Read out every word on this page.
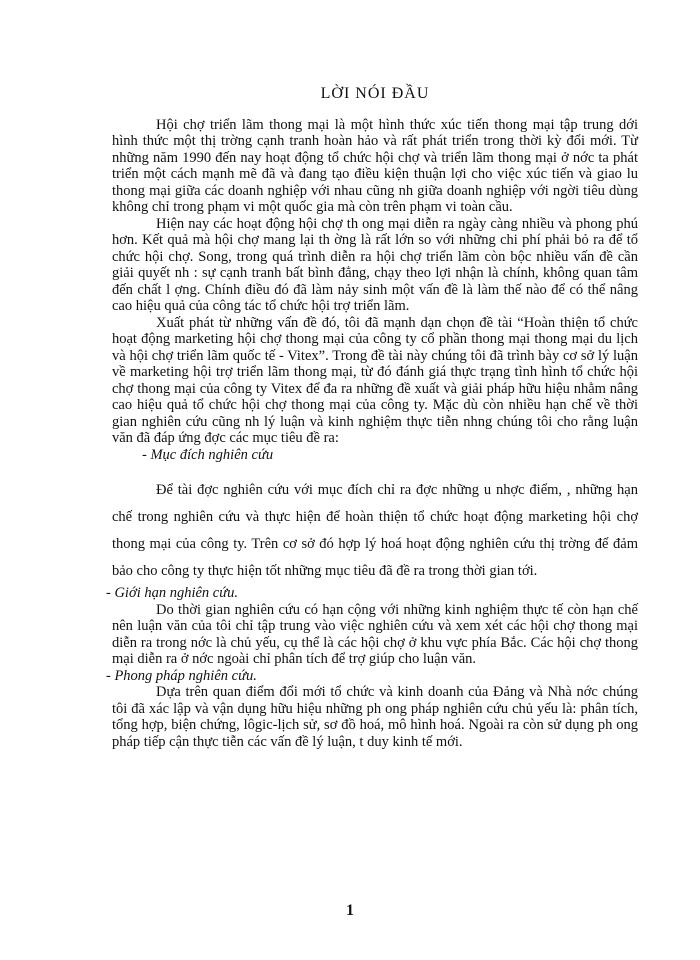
LỜI NÓI ĐẦU

Hội chợ triển lãm thong mại là một hình thức xúc tiến thong mại tập trung dới hình thức một thị trờng cạnh tranh hoàn hảo và rất phát triển trong thời kỳ đổi mới. Từ những năm 1990 đến nay hoạt động tổ chức hội chợ và triển lãm thong mại ở nớc ta phát triển một cách mạnh mẽ đã và đang tạo điều kiện thuận lợi cho việc xúc tiến và giao lu thong mại giữa các doanh nghiệp với nhau cũng nh giữa doanh nghiệp với ngời tiêu dùng không chỉ trong phạm vi một quốc gia mà còn trên phạm vi toàn cầu.

Hiện nay các hoạt động hội chợ th ong mại diễn ra ngày càng nhiều và phong phú hơn. Kết quả mà hội chợ mang lại th ờng là rất lớn so với những chi phí phải bỏ ra để tổ chức hội chợ. Song, trong quá trình diễn ra hội chợ triển lãm còn bộc nhiều vấn đề cần giải quyết nh : sự cạnh tranh bất bình đẳng, chạy theo lợi nhận là chính, không quan tâm đến chất l ợng. Chính điều đó đã làm nảy sinh một vấn đề là làm thế nào để có thể nâng cao hiệu quả của công tác tổ chức hội trợ triển lãm.

Xuất phát từ những vấn đề đó, tôi đã mạnh dạn chọn đề tài “Hoàn thiện tổ chức hoạt động marketing hội chợ thong mại của công ty cổ phần thong mại thong mại du lịch và hội chợ triển lãm quốc tế - Vitex”. Trong đề tài này chúng tôi đã trình bày cơ sở lý luận về marketing hội trợ triển lãm thong mại, từ đó đánh giá thực trạng tình hình tổ chức hội chợ thong mại của công ty Vitex để đa ra những đề xuất và giải pháp hữu hiệu nhằm nâng cao hiệu quả tổ chức hội chợ thong mại của công ty. Mặc dù còn nhiều hạn chế về thời gian nghiên cứu cũng nh lý luận và kinh nghiệm thực tiễn nhng chúng tôi cho rằng luận văn đã đáp ứng đợc các mục tiêu đề ra:

- Mục đích nghiên cứu

Để tài đợc nghiên cứu với mục đích chỉ ra đợc những u nhợc điểm, , những hạn chế trong nghiên cứu và thực hiện để hoàn thiện tổ chức hoạt động marketing hội chợ thong mại của công ty. Trên cơ sở đó hợp lý hoá hoạt động nghiên cứu thị trờng để đảm bảo cho công ty thực hiện tốt những mục tiêu đã đề ra trong thời gian tới.

- Giới hạn nghiên cứu.

Do thời gian nghiên cứu có hạn cộng với những kinh nghiệm thực tế còn hạn chế nên luận văn của tôi chỉ tập trung vào việc nghiên cứu và xem xét các hội chợ thong mại diễn ra trong nớc là chủ yếu, cụ thể là các hội chợ ở khu vực phía Bắc. Các hội chợ thong mại diễn ra ở nớc ngoài chỉ phân tích để trợ giúp cho luận văn.

- Phong pháp nghiên cứu.

Dựa trên quan điểm đổi mới tổ chức và kinh doanh của Đảng và Nhà nớc chúng tôi đã xác lập và vận dụng hữu hiệu những ph ong pháp nghiên cứu chủ yếu là: phân tích, tổng hợp, biện chứng, lôgic-lịch sử, sơ đồ hoá, mô hình hoá. Ngoài ra còn sử dụng ph ong pháp tiếp cận thực tiễn các vấn đề lý luận, t duy kinh tế mới.

1
